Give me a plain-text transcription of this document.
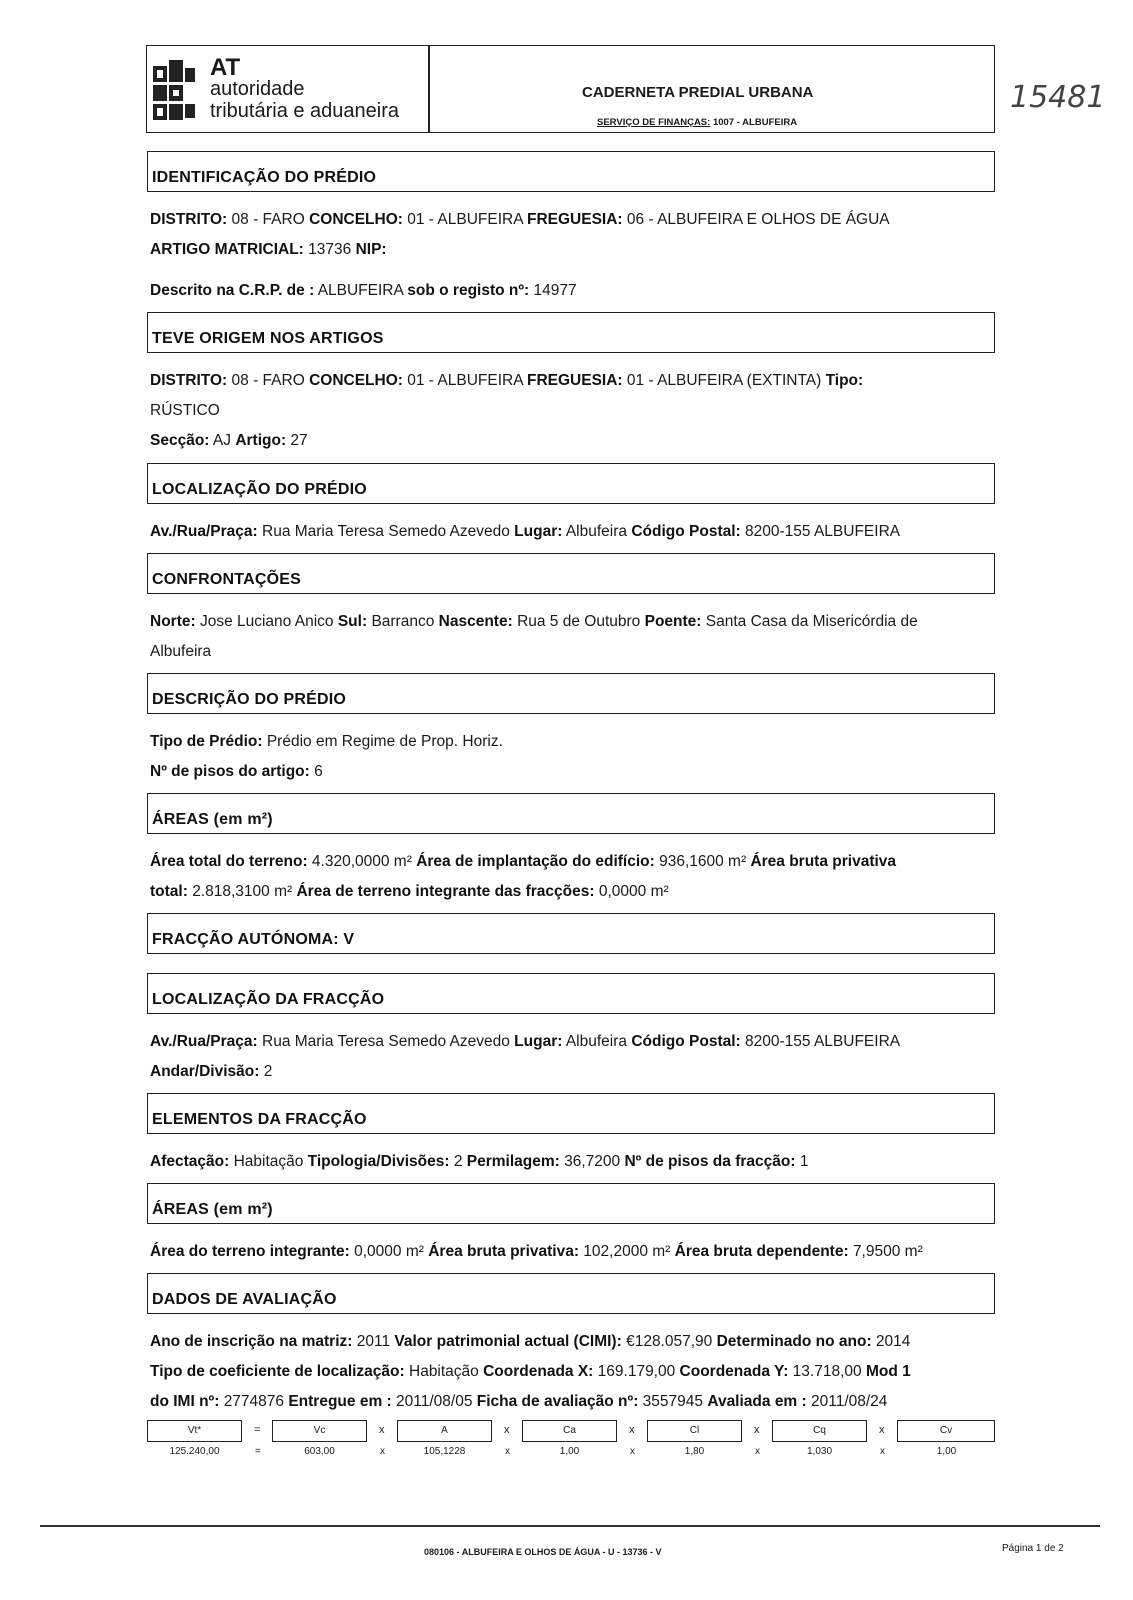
AT
autoridade
tributária e aduaneira
CADERNETA PREDIAL URBANA
SERVIÇO DE FINANÇAS: 1007 - ALBUFEIRA
15481
IDENTIFICAÇÃO DO PRÉDIO
DISTRITO: 08 - FARO CONCELHO: 01 - ALBUFEIRA FREGUESIA: 06 - ALBUFEIRA E OLHOS DE ÁGUA
ARTIGO MATRICIAL: 13736 NIP:
Descrito na C.R.P. de : ALBUFEIRA sob o registo nº: 14977
TEVE ORIGEM NOS ARTIGOS
DISTRITO: 08 - FARO CONCELHO: 01 - ALBUFEIRA FREGUESIA: 01 - ALBUFEIRA (EXTINTA) Tipo:
RÚSTICO
Secção: AJ Artigo: 27
LOCALIZAÇÃO DO PRÉDIO
Av./Rua/Praça: Rua Maria Teresa Semedo Azevedo Lugar: Albufeira Código Postal: 8200-155 ALBUFEIRA
CONFRONTAÇÕES
Norte: Jose Luciano Anico Sul: Barranco Nascente: Rua 5 de Outubro Poente: Santa Casa da Misericórdia de
Albufeira
DESCRIÇÃO DO PRÉDIO
Tipo de Prédio: Prédio em Regime de Prop. Horiz.
Nº de pisos do artigo: 6
ÁREAS (em m²)
Área total do terreno: 4.320,0000 m² Área de implantação do edifício: 936,1600 m² Área bruta privativa
total: 2.818,3100 m² Área de terreno integrante das fracções: 0,0000 m²
FRACÇÃO AUTÓNOMA: V
LOCALIZAÇÃO DA FRACÇÃO
Av./Rua/Praça: Rua Maria Teresa Semedo Azevedo Lugar: Albufeira Código Postal: 8200-155 ALBUFEIRA
Andar/Divisão: 2
ELEMENTOS DA FRACÇÃO
Afectação: Habitação Tipologia/Divisões: 2 Permilagem: 36,7200 Nº de pisos da fracção: 1
ÁREAS (em m²)
Área do terreno integrante: 0,0000 m² Área bruta privativa: 102,2000 m² Área bruta dependente: 7,9500 m²
DADOS DE AVALIAÇÃO
Ano de inscrição na matriz: 2011 Valor patrimonial actual (CIMI): €128.057,90 Determinado no ano: 2014
Tipo de coeficiente de localização: Habitação Coordenada X: 169.179,00 Coordenada Y: 13.718,00 Mod 1
do IMI nº: 2774876 Entregue em : 2011/08/05 Ficha de avaliação nº: 3557945 Avaliada em : 2011/08/24
Vt*	=	Vc	x	A	x	Ca	x	Cl	x	Cq	x	Cv
125.240,00	=	603,00	x	105,1228	x	1,00	x	1,80	x	1,030	x	1,00
080106 - ALBUFEIRA E OLHOS DE ÁGUA - U - 13736 - V	Página 1 de 2
